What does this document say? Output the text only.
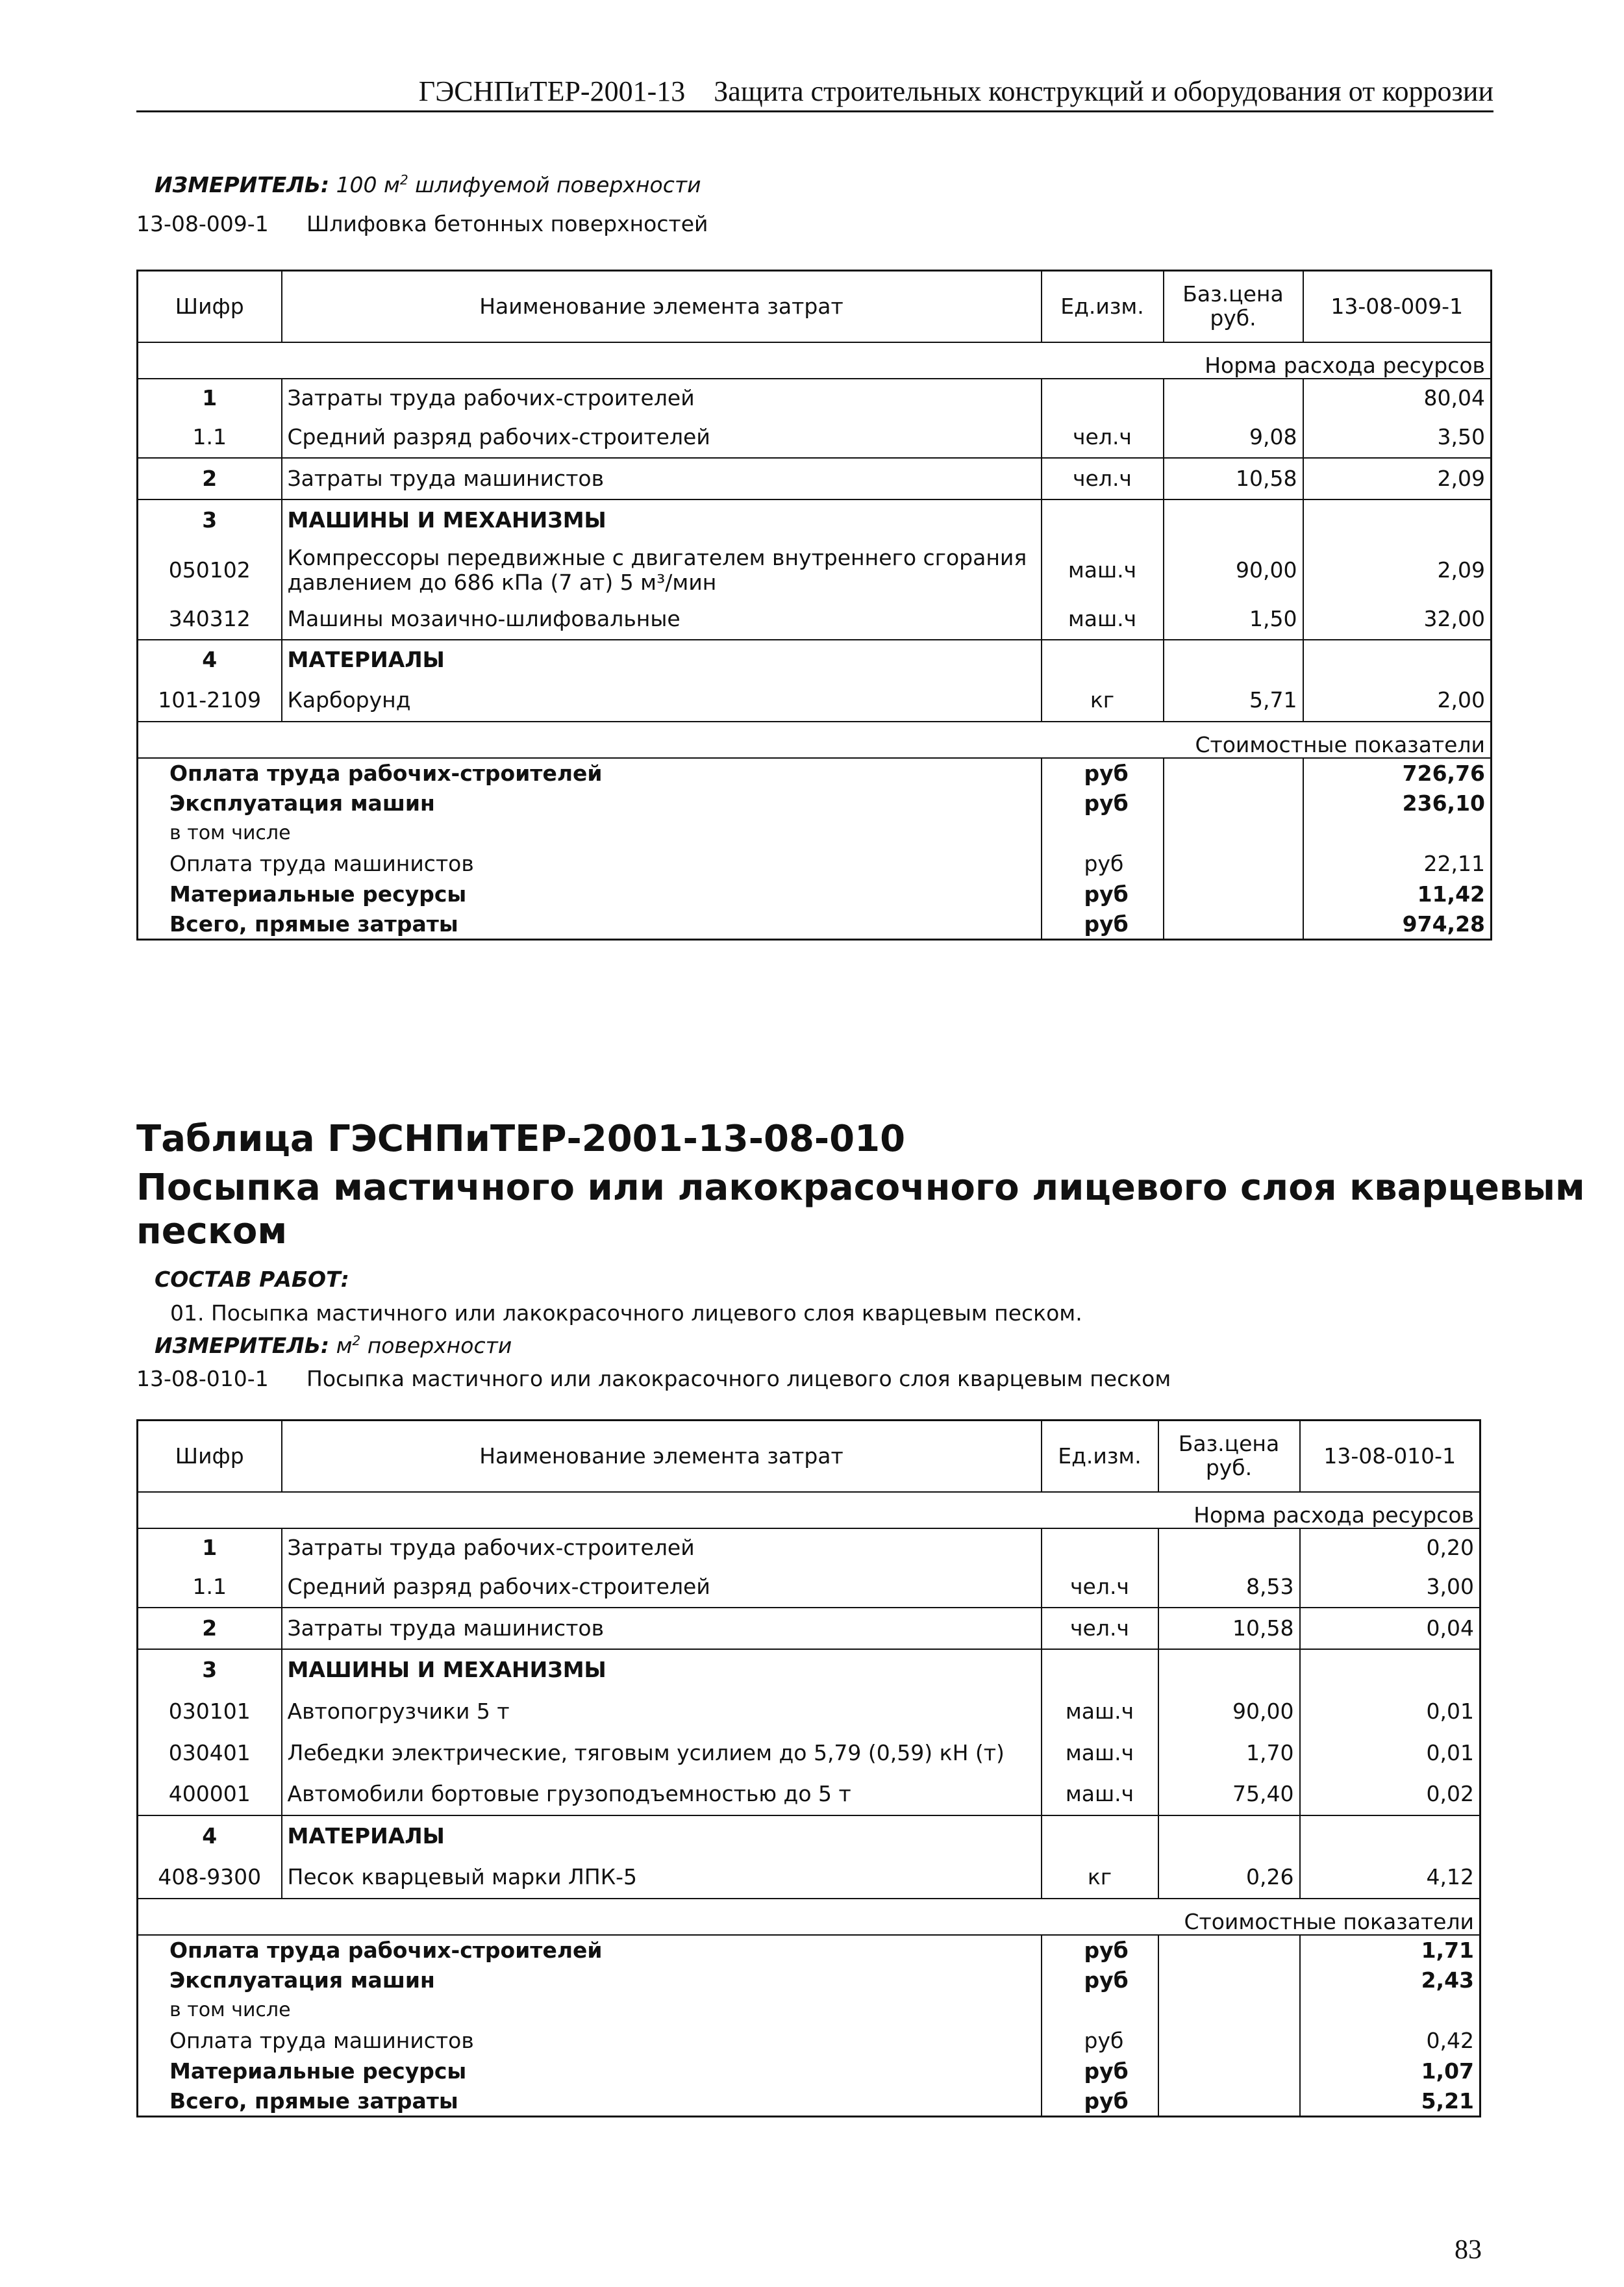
ГЭСНПиТЕР-2001-13 Защита строительных конструкций и оборудования от коррозии
ИЗМЕРИТЕЛЬ: 100 $м^2$ шлифуемой поверхности
13-08-009-1 Шлифовка бетонных поверхностей
Шифр	Наименование элемента затрат	Ед.изм.	Баз.цена руб.	13-08-009-1
Норма расхода ресурсов				
1	Затраты труда рабочих-строителей			80,04
1.1	Средний разряд рабочих-строителей	чел.ч	9,08	3,50
2	Затраты труда машинистов	чел.ч	10,58	2,09
3	МАШИНЫ И МЕХАНИЗМЫ			
050102	Компрессоры передвижные с двигателем внутреннего сгорания давлением до 686 кПа (7 ат) 5 м³/мин	маш.ч	90,00	2,09
340312	Машины мозаично-шлифовальные	маш.ч	1,50	32,00
4	МАТЕРИАЛЫ			
101-2109	Карборунд	кг	5,71	2,00
Стоимостные показатели				
Оплата труда рабочих-строителей		руб		726,76
Эксплуатация машин		руб		236,10
в том числе				
Оплата труда машинистов		руб		22,11
Материальные ресурсы		руб		11,42
Всего, прямые затраты		руб		974,28
Таблица ГЭСНПиТЕР-2001-13-08-010
Посыпка мастичного или лакокрасочного лицевого слоя кварцевым
песком
СОСТАВ РАБОТ:
01. Посыпка мастичного или лакокрасочного лицевого слоя кварцевым песком.
ИЗМЕРИТЕЛЬ: $м^2$ поверхности
13-08-010-1 Посыпка мастичного или лакокрасочного лицевого слоя кварцевым песком
Шифр	Наименование элемента затрат	Ед.изм.	Баз.цена руб.	13-08-010-1
Норма расхода ресурсов				
1	Затраты труда рабочих-строителей			0,20
1.1	Средний разряд рабочих-строителей	чел.ч	8,53	3,00
2	Затраты труда машинистов	чел.ч	10,58	0,04
3	МАШИНЫ И МЕХАНИЗМЫ			
030101	Автопогрузчики 5 т	маш.ч	90,00	0,01
030401	Лебедки электрические, тяговым усилием до 5,79 (0,59) кН (т)	маш.ч	1,70	0,01
400001	Автомобили бортовые грузоподъемностью до 5 т	маш.ч	75,40	0,02
4	МАТЕРИАЛЫ			
408-9300	Песок кварцевый марки ЛПК-5	кг	0,26	4,12
Стоимостные показатели				
Оплата труда рабочих-строителей		руб		1,71
Эксплуатация машин		руб		2,43
в том числе				
Оплата труда машинистов		руб		0,42
Материальные ресурсы		руб		1,07
Всего, прямые затраты		руб		5,21
83
